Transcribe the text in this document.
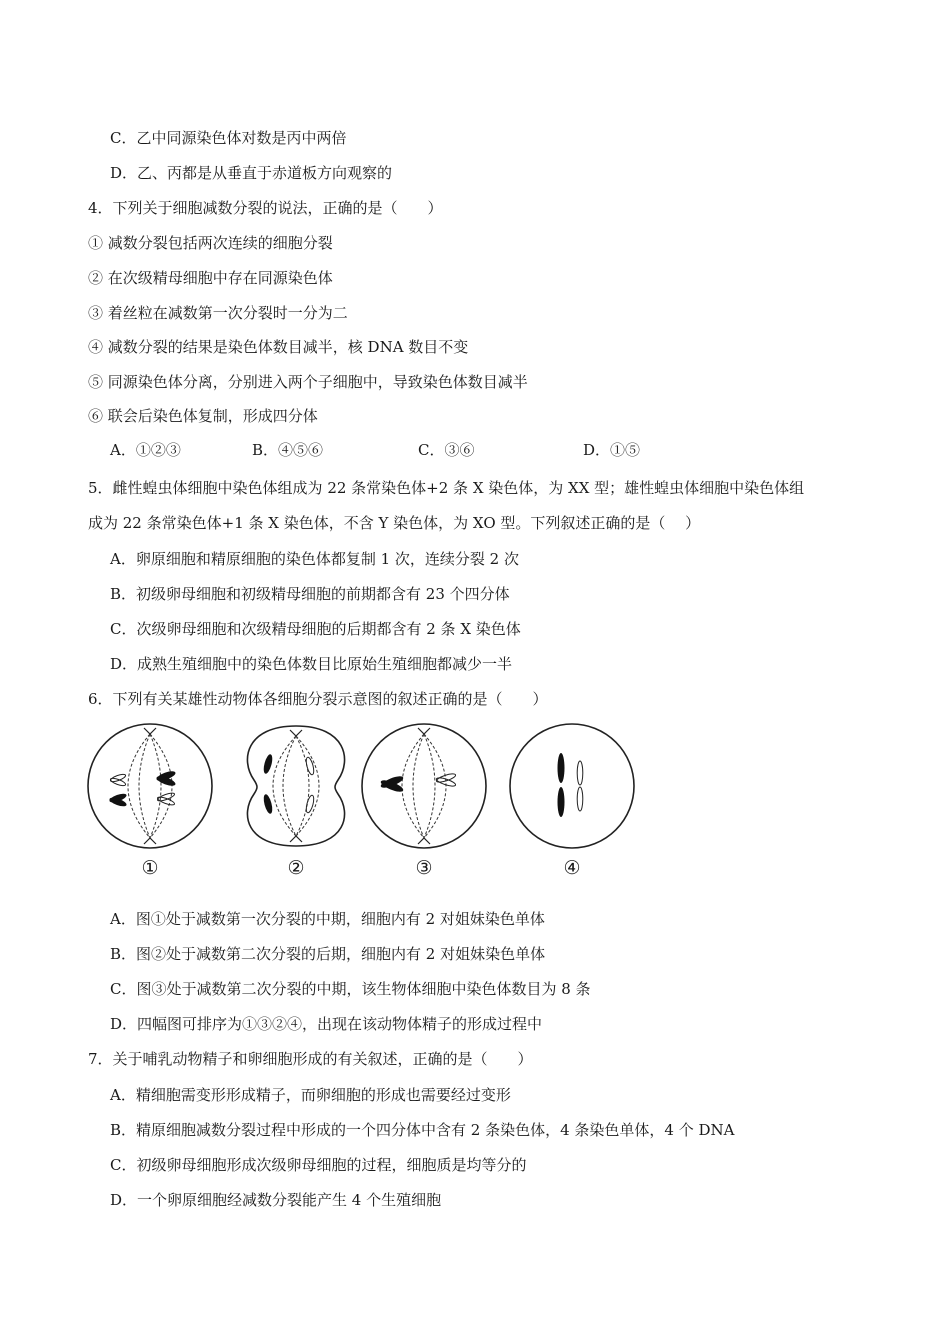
C．乙中同源染色体对数是丙中两倍
D．乙、丙都是从垂直于赤道板方向观察的
4．下列关于细胞减数分裂的说法，正确的是（　　）
① 减数分裂包括两次连续的细胞分裂
② 在次级精母细胞中存在同源染色体
③ 着丝粒在减数第一次分裂时一分为二
④ 减数分裂的结果是染色体数目减半，核 DNA 数目不变
⑤ 同源染色体分离，分别进入两个子细胞中，导致染色体数目减半
⑥ 联会后染色体复制，形成四分体
A．①②③	B．④⑤⑥	C．③⑥	D．①⑤
5．雌性蝗虫体细胞中染色体组成为 22 条常染色体+2 条 X 染色体，为 XX 型；雄性蝗虫体细胞中染色体组
成为 22 条常染色体+1 条 X 染色体，不含 Y 染色体，为 XO 型。下列叙述正确的是（　 ）
A．卵原细胞和精原细胞的染色体都复制 1 次，连续分裂 2 次
B．初级卵母细胞和初级精母细胞的前期都含有 23 个四分体
C．次级卵母细胞和次级精母细胞的后期都含有 2 条 X 染色体
D．成熟生殖细胞中的染色体数目比原始生殖细胞都减少一半
6．下列有关某雄性动物体各细胞分裂示意图的叙述正确的是（　　）
①	②	③	④
A．图①处于减数第一次分裂的中期，细胞内有 2 对姐妹染色单体
B．图②处于减数第二次分裂的后期，细胞内有 2 对姐妹染色单体
C．图③处于减数第二次分裂的中期，该生物体细胞中染色体数目为 8 条
D．四幅图可排序为①③②④，出现在该动物体精子的形成过程中
7．关于哺乳动物精子和卵细胞形成的有关叙述，正确的是（　　）
A．精细胞需变形形成精子，而卵细胞的形成也需要经过变形
B．精原细胞减数分裂过程中形成的一个四分体中含有 2 条染色体，4 条染色单体，4 个 DNA
C．初级卵母细胞形成次级卵母细胞的过程，细胞质是均等分的
D．一个卵原细胞经减数分裂能产生 4 个生殖细胞
